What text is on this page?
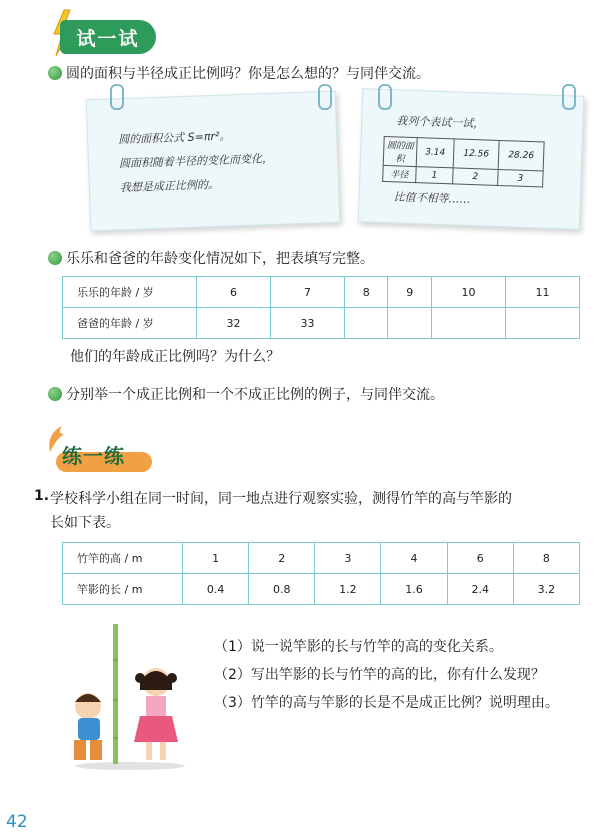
试一试
圆的面积与半径成正比例吗？你是怎么想的？与同伴交流。
圆的面积公式 S=πr²。
圆面积随着半径的变化而变化，
我想是成正比例的。
我列个表试一试，
圆的面积	3.14	12.56	28.26
半径	1	2	3
比值不相等……
乐乐和爸爸的年龄变化情况如下，把表填写完整。
乐乐的年龄 / 岁	6	7	8	9	10	11
爸爸的年龄 / 岁	32	33				
他们的年龄成正比例吗？为什么？
分别举一个成正比例和一个不成正比例的例子，与同伴交流。
练一练
1. 学校科学小组在同一时间，同一地点进行观察实验，测得竹竿的高与竿影的
长如下表。
竹竿的高 / m	1	2	3	4	6	8
竿影的长 / m	0.4	0.8	1.2	1.6	2.4	3.2
（1）说一说竿影的长与竹竿的高的变化关系。
（2）写出竿影的长与竹竿的高的比，你有什么发现？
（3）竹竿的高与竿影的长是不是成正比例？说明理由。
42
